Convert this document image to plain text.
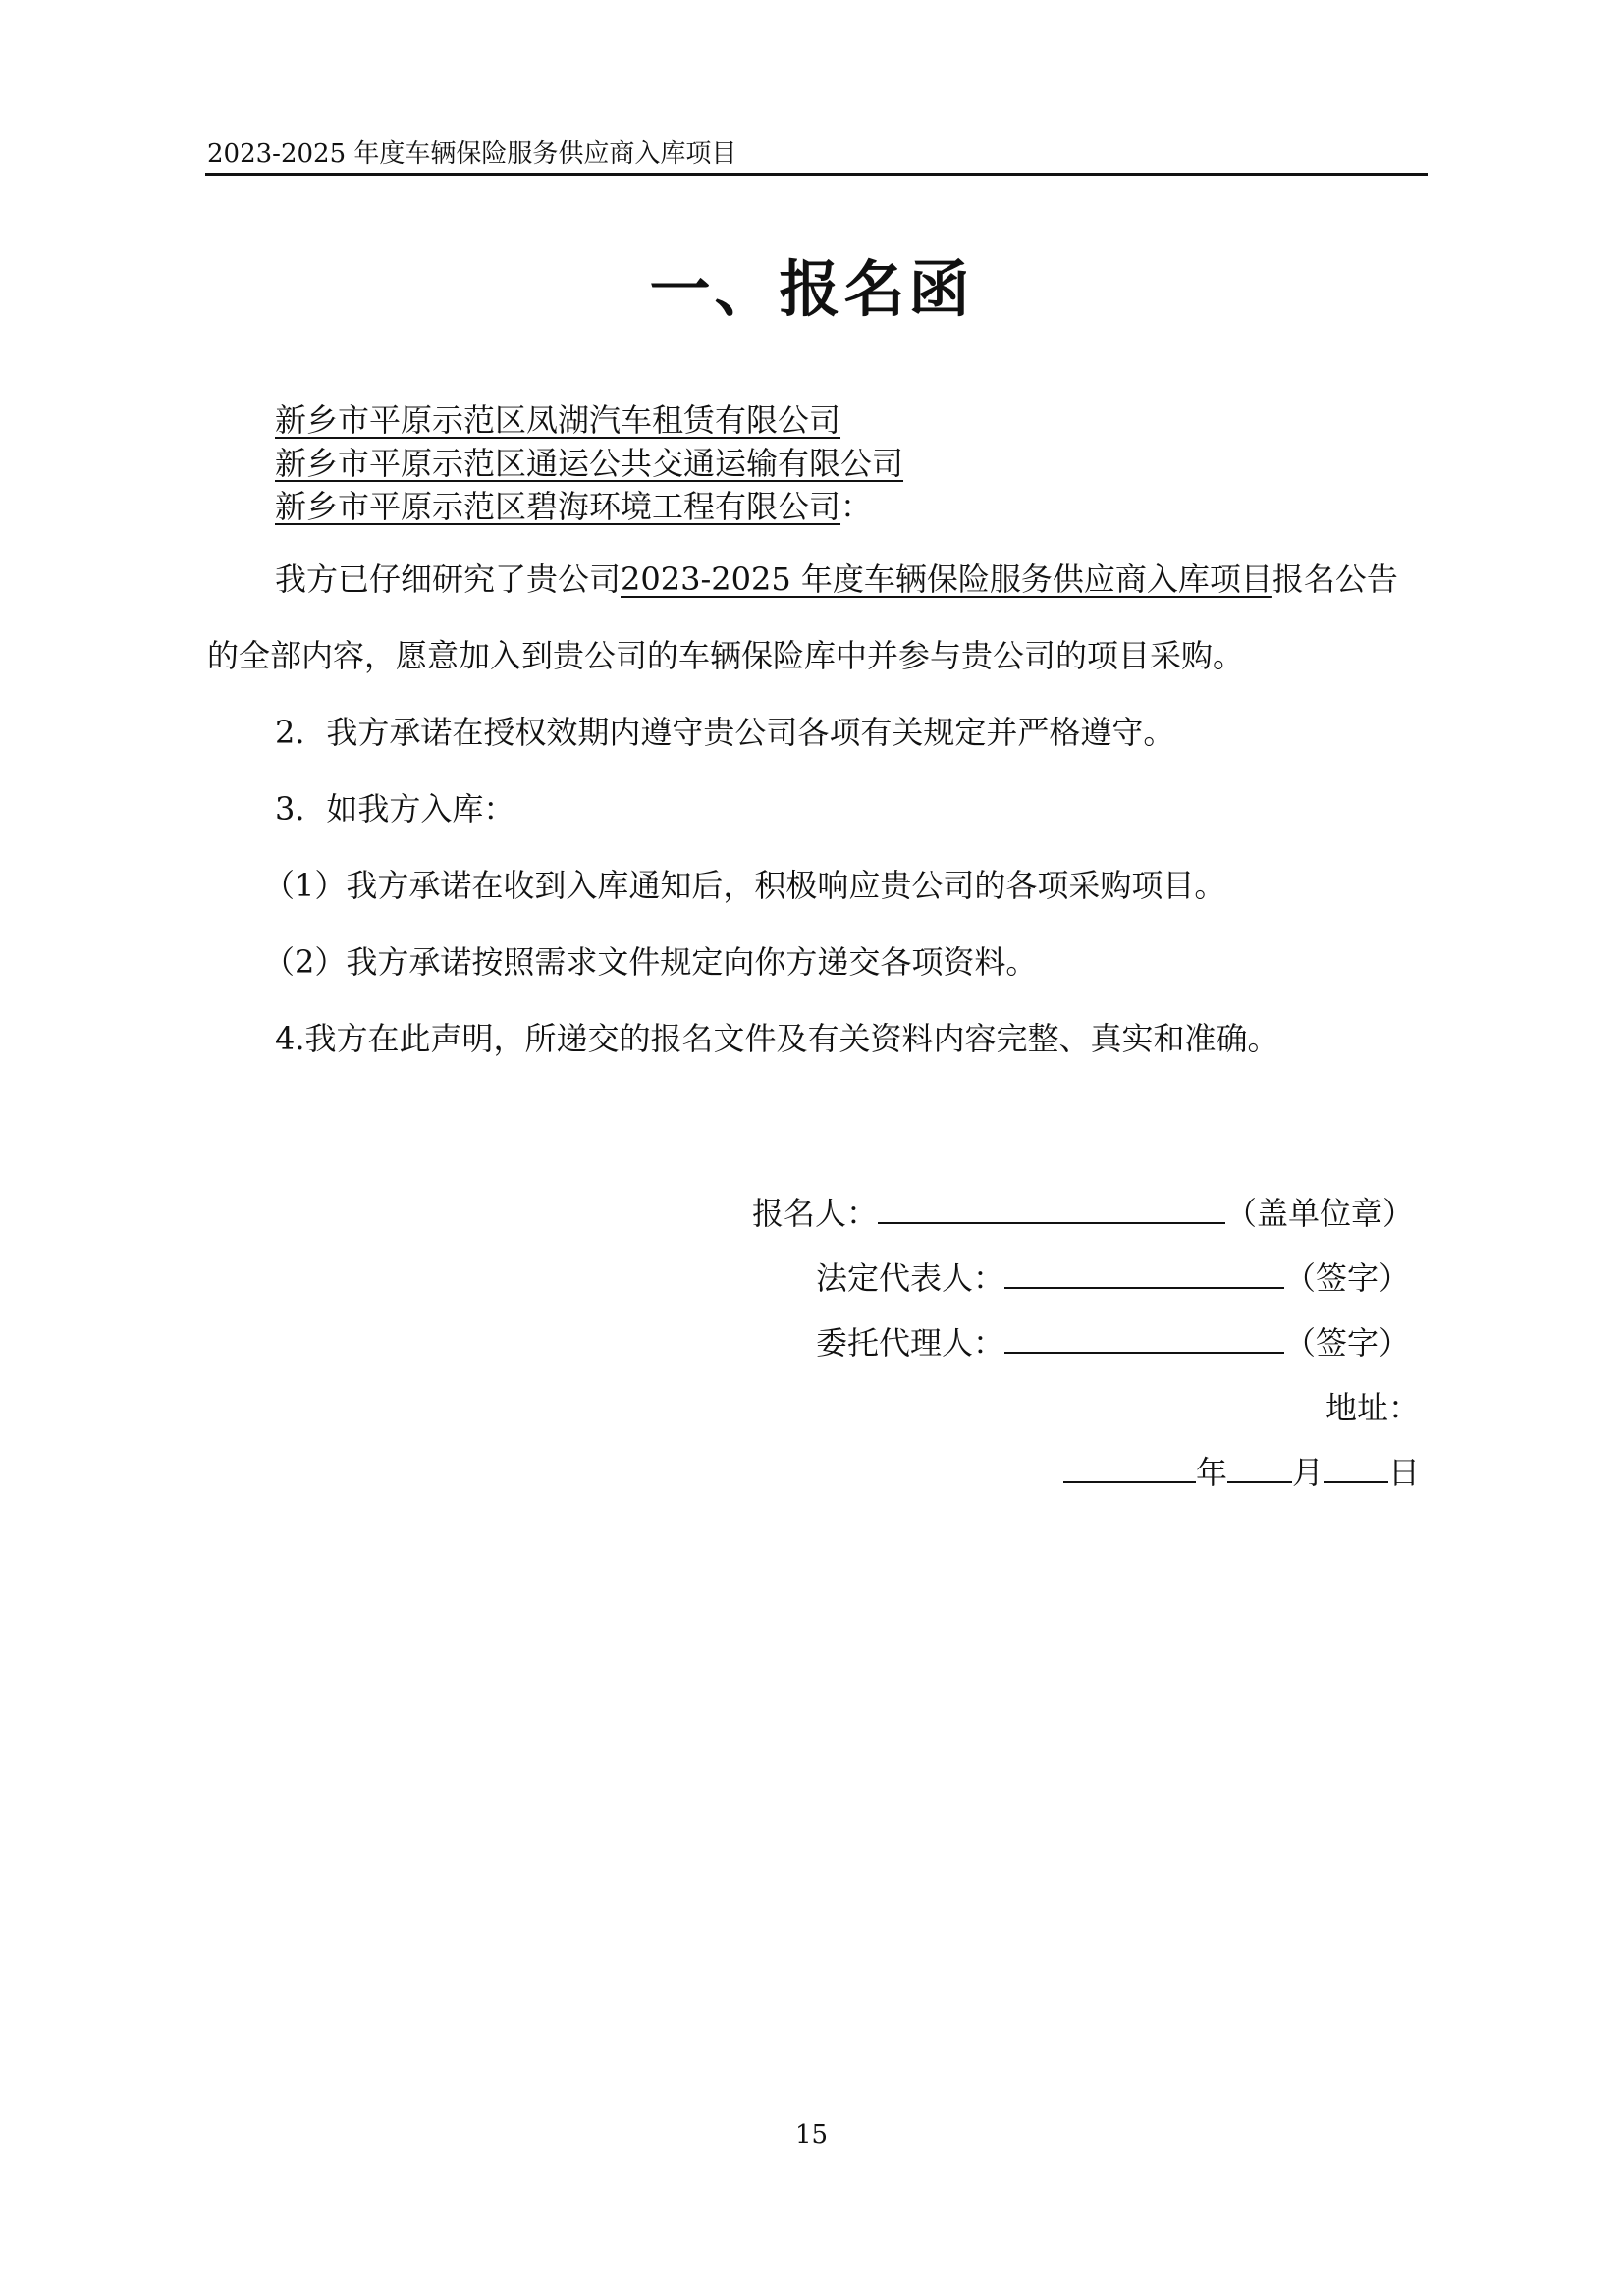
2023-2025 年度车辆保险服务供应商入库项目
一、报名函
新乡市平原示范区凤湖汽车租赁有限公司
新乡市平原示范区通运公共交通运输有限公司
新乡市平原示范区碧海环境工程有限公司：
我方已仔细研究了贵公司2023-2025 年度车辆保险服务供应商入库项目报名公告
的全部内容，愿意加入到贵公司的车辆保险库中并参与贵公司的项目采购。
2．我方承诺在授权效期内遵守贵公司各项有关规定并严格遵守。
3．如我方入库：
（1）我方承诺在收到入库通知后，积极响应贵公司的各项采购项目。
（2）我方承诺按照需求文件规定向你方递交各项资料。
4.我方在此声明，所递交的报名文件及有关资料内容完整、真实和准确。
报名人：	（盖单位章）
法定代表人：	（签字）
委托代理人：	（签字）
地址：
年 月 日
15
